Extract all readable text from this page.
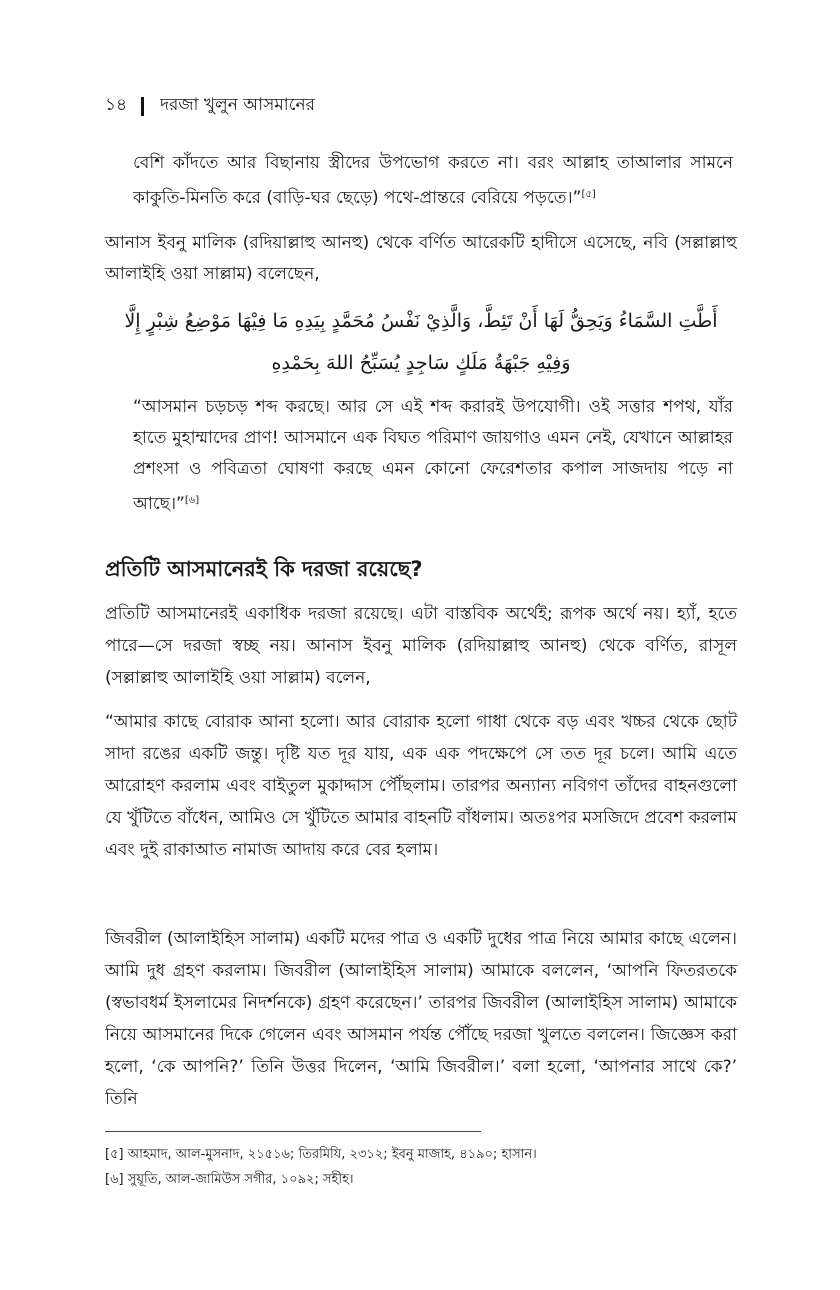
১৪ দরজা খুলুন আসমানের

বেশি কাঁদতে আর বিছানায় স্ত্রীদের উপভোগ করতে না। বরং আল্লাহ তাআলার সামনে কাকুতি-মিনতি করে (বাড়ি-ঘর ছেড়ে) পথে-প্রান্তরে বেরিয়ে পড়তে।”[৫]

আনাস ইবনু মালিক (রদিয়াল্লাহু আনহু) থেকে বর্ণিত আরেকটি হাদীসে এসেছে, নবি (সল্লাল্লাহু আলাইহি ওয়া সাল্লাম) বলেছেন,

أَطَّتِ السَّمَاءُ وَيَحِقُّ لَهَا أَنْ تَئِطَّ، وَالَّذِيْ نَفْسُ مُحَمَّدٍ بِيَدِهِ مَا فِيْهَا مَوْضِعُ شِبْرٍ إِلَّا
وَفِيْهِ جَبْهَةُ مَلَكٍ سَاجِدٍ يُسَبِّحُ اللهَ بِحَمْدِهِ

“আসমান চড়চড় শব্দ করছে। আর সে এই শব্দ করারই উপযোগী। ওই সত্তার শপথ, যাঁর হাতে মুহাম্মাদের প্রাণ! আসমানে এক বিঘত পরিমাণ জায়গাও এমন নেই, যেখানে আল্লাহর প্রশংসা ও পবিত্রতা ঘোষণা করছে এমন কোনো ফেরেশতার কপাল সাজদায় পড়ে না আছে।”[৬]

প্রতিটি আসমানেরই কি দরজা রয়েছে?

প্রতিটি আসমানেরই একাধিক দরজা রয়েছে। এটা বাস্তবিক অর্থেই; রূপক অর্থে নয়। হ্যাঁ, হতে পারে—সে দরজা স্বচ্ছ নয়। আনাস ইবনু মালিক (রদিয়াল্লাহু আনহু) থেকে বর্ণিত, রাসূল (সল্লাল্লাহু আলাইহি ওয়া সাল্লাম) বলেন,

“আমার কাছে বোরাক আনা হলো। আর বোরাক হলো গাধা থেকে বড় এবং খচ্চর থেকে ছোট সাদা রঙের একটি জন্তু। দৃষ্টি যত দূর যায়, এক এক পদক্ষেপে সে তত দূর চলে। আমি এতে আরোহণ করলাম এবং বাইতুল মুকাদ্দাস পৌঁছলাম। তারপর অন্যান্য নবিগণ তাঁদের বাহনগুলো যে খুঁটিতে বাঁধেন, আমিও সে খুঁটিতে আমার বাহনটি বাঁধলাম। অতঃপর মসজিদে প্রবেশ করলাম এবং দুই রাকাআত নামাজ আদায় করে বের হলাম।

জিবরীল (আলাইহিস সালাম) একটি মদের পাত্র ও একটি দুধের পাত্র নিয়ে আমার কাছে এলেন। আমি দুধ গ্রহণ করলাম। জিবরীল (আলাইহিস সালাম) আমাকে বললেন, ‘আপনি ফিতরতকে (স্বভাবধর্ম ইসলামের নিদর্শনকে) গ্রহণ করেছেন।’ তারপর জিবরীল (আলাইহিস সালাম) আমাকে নিয়ে আসমানের দিকে গেলেন এবং আসমান পর্যন্ত পৌঁছে দরজা খুলতে বললেন। জিজ্ঞেস করা হলো, ‘কে আপনি?’ তিনি উত্তর দিলেন, ‘আমি জিবরীল।’ বলা হলো, ‘আপনার সাথে কে?’ তিনি

[৫] আহমাদ, আল-মুসনাদ, ২১৫১৬; তিরমিযি, ২৩১২; ইবনু মাজাহ, ৪১৯০; হাসান।
[৬] সুয়ূতি, আল-জামিউস সগীর, ১০৯২; সহীহ।
